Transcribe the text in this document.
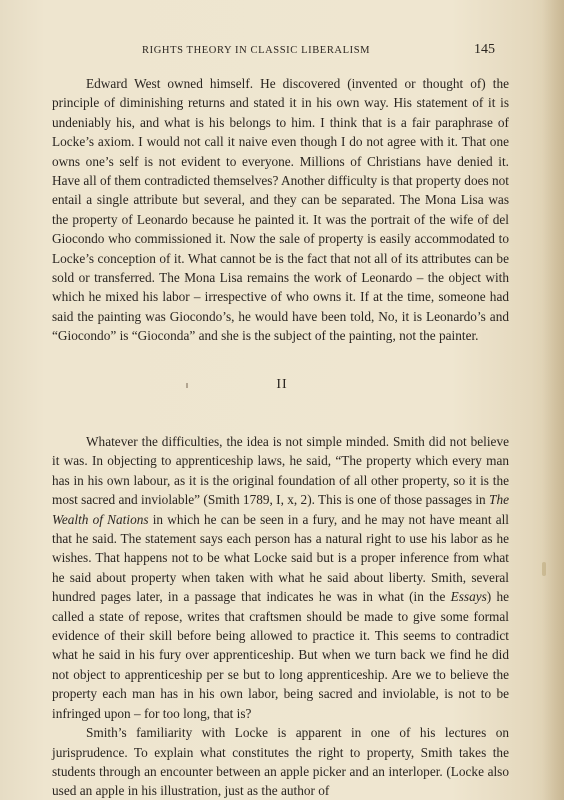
RIGHTS THEORY IN CLASSIC LIBERALISM	145

Edward West owned himself. He discovered (invented or thought of) the principle of diminishing returns and stated it in his own way. His statement of it is undeniably his, and what is his belongs to him. I think that is a fair paraphrase of Locke’s axiom. I would not call it naive even though I do not agree with it. That one owns one’s self is not evident to everyone. Millions of Christians have denied it. Have all of them contradicted themselves? Another difficulty is that property does not entail a single attribute but several, and they can be separated. The Mona Lisa was the property of Leonardo because he painted it. It was the portrait of the wife of del Giocondo who commissioned it. Now the sale of property is easily accommodated to Locke’s conception of it. What cannot be is the fact that not all of its attributes can be sold or transferred. The Mona Lisa remains the work of Leonardo – the object with which he mixed his labor – irrespective of who owns it. If at the time, someone had said the painting was Giocondo’s, he would have been told, No, it is Leonardo’s and “Giocondo” is “Gioconda” and she is the subject of the painting, not the painter.

II

Whatever the difficulties, the idea is not simple minded. Smith did not believe it was. In objecting to apprenticeship laws, he said, “The property which every man has in his own labour, as it is the original foundation of all other property, so it is the most sacred and inviolable” (Smith 1789, I, x, 2). This is one of those passages in The Wealth of Nations in which he can be seen in a fury, and he may not have meant all that he said. The statement says each person has a natural right to use his labor as he wishes. That happens not to be what Locke said but is a proper inference from what he said about property when taken with what he said about liberty. Smith, several hundred pages later, in a passage that indicates he was in what (in the Essays) he called a state of repose, writes that craftsmen should be made to give some formal evidence of their skill before being allowed to practice it. This seems to contradict what he said in his fury over apprenticeship. But when we turn back we find he did not object to apprenticeship per se but to long apprenticeship. Are we to believe the property each man has in his own labor, being sacred and inviolable, is not to be infringed upon – for too long, that is?

Smith’s familiarity with Locke is apparent in one of his lectures on jurisprudence. To explain what constitutes the right to property, Smith takes the students through an encounter between an apple picker and an interloper. (Locke also used an apple in his illustration, just as the author of
